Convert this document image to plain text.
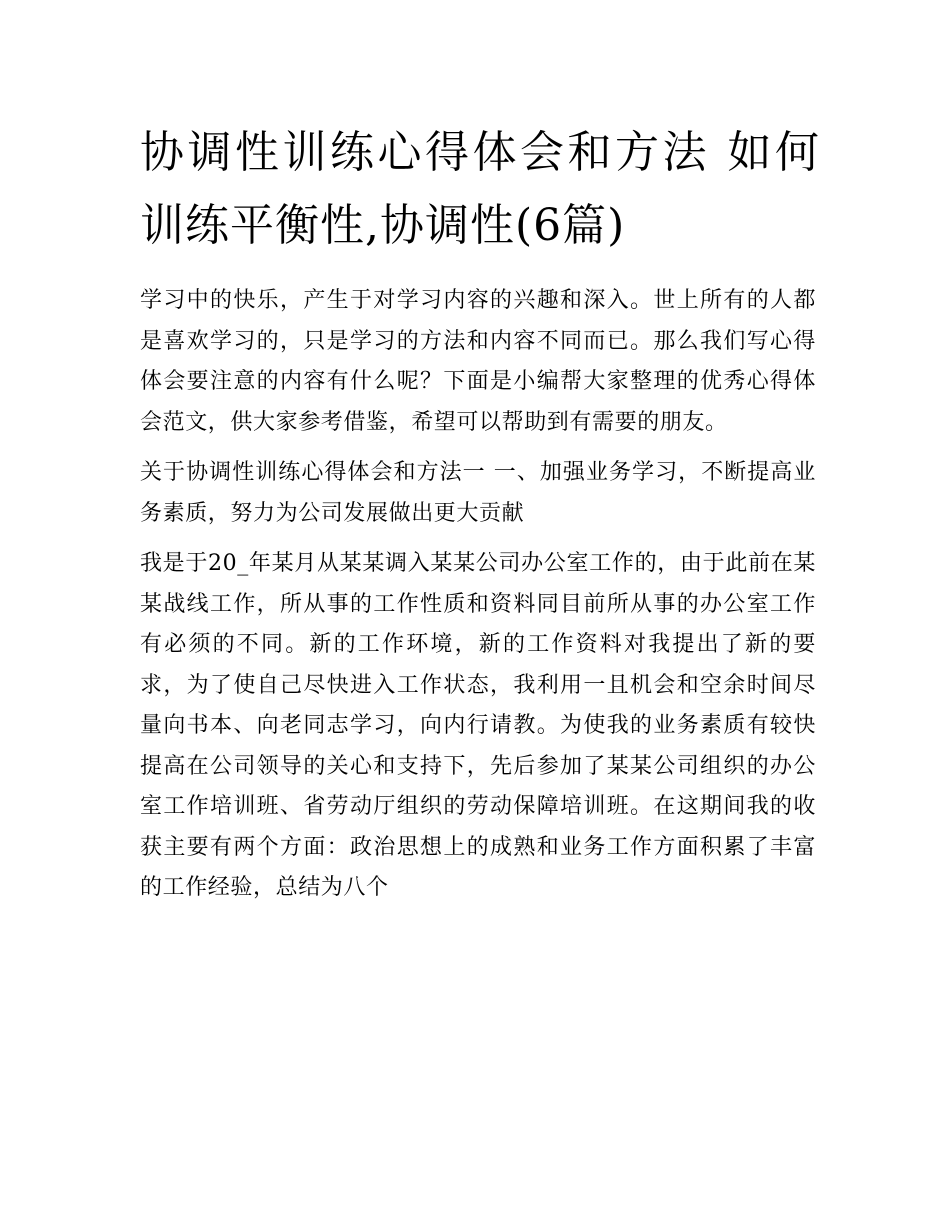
协调性训练心得体会和方法 如何训练平衡性,协调性(6篇)

学习中的快乐，产生于对学习内容的兴趣和深入。世上所有的人都是喜欢学习的，只是学习的方法和内容不同而已。那么我们写心得体会要注意的内容有什么呢？下面是小编帮大家整理的优秀心得体会范文，供大家参考借鉴，希望可以帮助到有需要的朋友。

关于协调性训练心得体会和方法一 一、加强业务学习，不断提高业务素质，努力为公司发展做出更大贡献

我是于20_年某月从某某调入某某公司办公室工作的，由于此前在某某战线工作，所从事的工作性质和资料同目前所从事的办公室工作有必须的不同。新的工作环境，新的工作资料对我提出了新的要求，为了使自己尽快进入工作状态，我利用一且机会和空余时间尽量向书本、向老同志学习，向内行请教。为使我的业务素质有较快提高在公司领导的关心和支持下，先后参加了某某公司组织的办公室工作培训班、省劳动厅组织的劳动保障培训班。在这期间我的收获主要有两个方面：政治思想上的成熟和业务工作方面积累了丰富的工作经验，总结为八个
